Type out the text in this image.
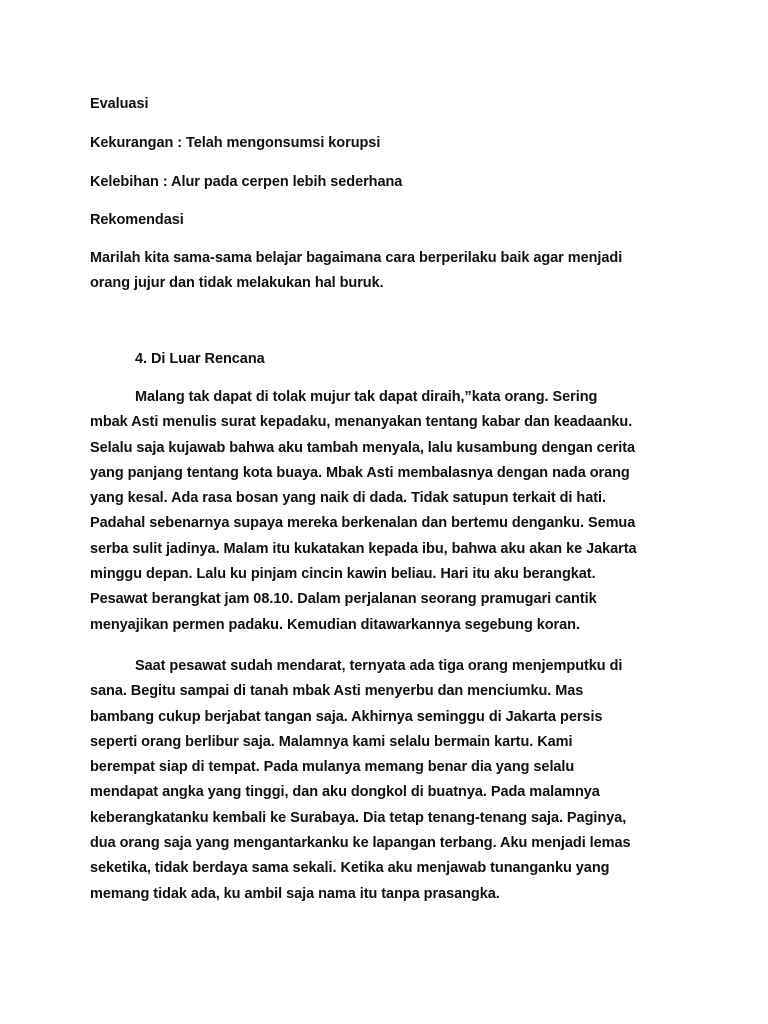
Evaluasi
Kekurangan : Telah mengonsumsi korupsi
Kelebihan : Alur pada cerpen lebih sederhana
Rekomendasi
Marilah kita sama-sama belajar bagaimana cara berperilaku baik agar menjadi
orang jujur dan tidak melakukan hal buruk.
4. Di Luar Rencana
Malang tak dapat di tolak mujur tak dapat diraih,”kata orang. Sering
mbak Asti menulis surat kepadaku, menanyakan tentang kabar dan keadaanku.
Selalu saja kujawab bahwa aku tambah menyala, lalu kusambung dengan cerita
yang panjang tentang kota buaya. Mbak Asti membalasnya dengan nada orang
yang kesal. Ada rasa bosan yang naik di dada. Tidak satupun terkait di hati.
Padahal sebenarnya supaya mereka berkenalan dan bertemu denganku. Semua
serba sulit jadinya. Malam itu kukatakan kepada ibu, bahwa aku akan ke Jakarta
minggu depan. Lalu ku pinjam cincin kawin beliau. Hari itu aku berangkat.
Pesawat berangkat jam 08.10. Dalam perjalanan seorang pramugari cantik
menyajikan permen padaku. Kemudian ditawarkannya segebung koran.
Saat pesawat sudah mendarat, ternyata ada tiga orang menjemputku di
sana. Begitu sampai di tanah mbak Asti menyerbu dan menciumku. Mas
bambang cukup berjabat tangan saja. Akhirnya seminggu di Jakarta persis
seperti orang berlibur saja. Malamnya kami selalu bermain kartu. Kami
berempat siap di tempat. Pada mulanya memang benar dia yang selalu
mendapat angka yang tinggi, dan aku dongkol di buatnya. Pada malamnya
keberangkatanku kembali ke Surabaya. Dia tetap tenang-tenang saja. Paginya,
dua orang saja yang mengantarkanku ke lapangan terbang. Aku menjadi lemas
seketika, tidak berdaya sama sekali. Ketika aku menjawab tunanganku yang
memang tidak ada, ku ambil saja nama itu tanpa prasangka.
